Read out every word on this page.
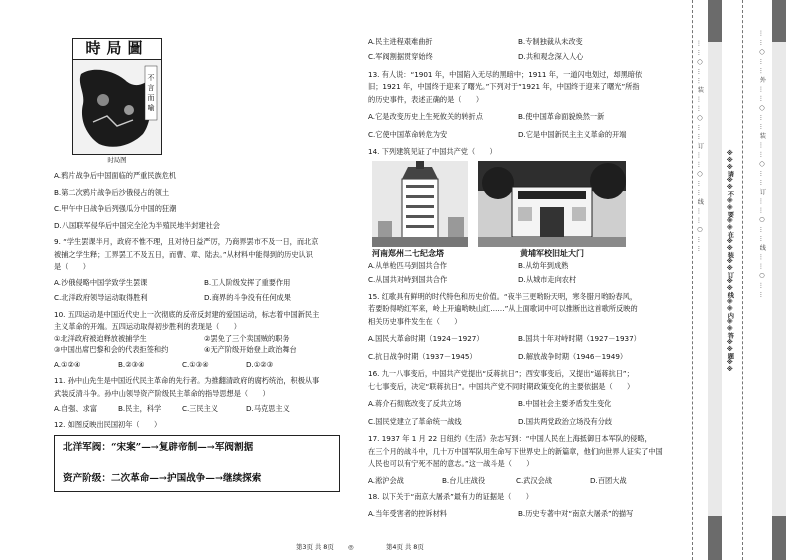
時局圖
不
言
而
喻
时局图

A.鸦片战争后中国面临的严重民族危机

B.第二次鸦片战争后沙俄侵占的领土

C.甲午中日战争后列强瓜分中国的狂潮

D.八国联军侵华后中国完全沦为半殖民地半封建社会

9. “学生罢课半月，政府不惟不理，且对待日益严厉，乃商界罢市不及一日，而北京

被捕之学生释；工界罢工不及五日，而曹、章、陆去。”从材料中能得到的历史认识

是（　　）

A.沙俄侵略中国学致学生罢课	B.工人阶级发挥了重要作用
C.北洋政府领导运动取得胜利	D.商界的斗争没有任何成果

10. 五四运动是中国近代史上一次彻底的反帝反封建的爱国运动，标志着中国新民主

主义革命的开端。五四运动取得初步胜利的表现是（　　）

①北洋政府被迫释放被捕学生	②罢免了三个卖国贼的职务
③中国出席巴黎和会的代表拒签和约	④无产阶级开始登上政治舞台
A.①②④	B.②③④	C.①③④	D.①②③

11. 孙中山先生是中国近代民主革命的先行者。为推翻清政府的腐朽统治，积极从事

武装反清斗争。孙中山领导资产阶级民主革命的指导思想是（　　）

A.自强、求富	B.民主，科学	C.三民主义	D.马克思主义

12. 如图反映出民国初年（　　）

北洋军阀：“宋案”—→复辟帝制—→军阀割据
资产阶级：二次革命—→护国战争—→继续探索
A.民主进程艰难曲折	B.专制独裁从未改变
C.军阀割据贯穿始终	D.共和观念深入人心

13. 有人说：“1901 年，中国陷入无尽的黑暗中；1911 年，一道闪电划过，却黑暗依

旧；1921 年，中国终于迎来了曙光。”下列对于“1921 年，中国终于迎来了曙光”所指

的历史事件，表述正确的是（　　）

A.它是改变历史上生死攸关的转折点	B.使中国革命面貌焕然一新
C.它使中国革命转危为安	D.它是中国新民主主义革命的开端

14. 下列建筑见证了中国共产党（　　）

河南郑州二七纪念塔	黄埔军校旧址大门
A.从单枪匹马到国共合作	B.从幼年到成熟
C.从国共对峙到国共合作	D.从城市走向农村

15. 红歌具有鲜明的时代特色和历史价值。“夜半三更哟盼天明，寒冬腊月哟盼春风，

若要盼得哟红军来，岭上开遍哟映山红……”从上面歌词中可以推断出这首歌所反映的

相关历史事件发生在（　　）

A.国民大革命时期（1924－1927）	B.国共十年对峙时期（1927－1937）
C.抗日战争时期（1937－1945）	D.解放战争时期（1946－1949）

16. 九一八事变后，中国共产党提出“反蒋抗日”；西安事变后，又提出“逼蒋抗日”；

七七事变后，决定“联蒋抗日”。中国共产党不同时期政策变化的主要依据是（　　）

A.蒋介石彻底改变了反共立场	B.中国社会主要矛盾发生变化
C.国民党建立了革命统一战线	D.国共两党政治立场没有分歧

17. 1937 年 1 月 22 日纽约《生活》杂志写到：“中国人民在上海抵御日本军队的侵略，

在三个月的战斗中，几十万中国军队用生命写下世界史上的新篇章，他们向世界人证实了中国

人民也可以有宁死不屈的意志。”这一战斗是（　　）

A.淞沪会战	B.台儿庄战役	C.武汉会战	D.百团大战

18. 以下关于“南京大屠杀”最有力的证据是（　　）

A.当年受害者的控诉材料	B.历史专著中对“南京大屠杀”的描写
第3页 共 8页 ◎	第4页 共 8页
……○……装……○……订……○……线……○……
※※※请※※不※※要※※在※※装※※订※※线※※内※※答※※题※※	……○……外……○……装……○……订……○……线……○……
